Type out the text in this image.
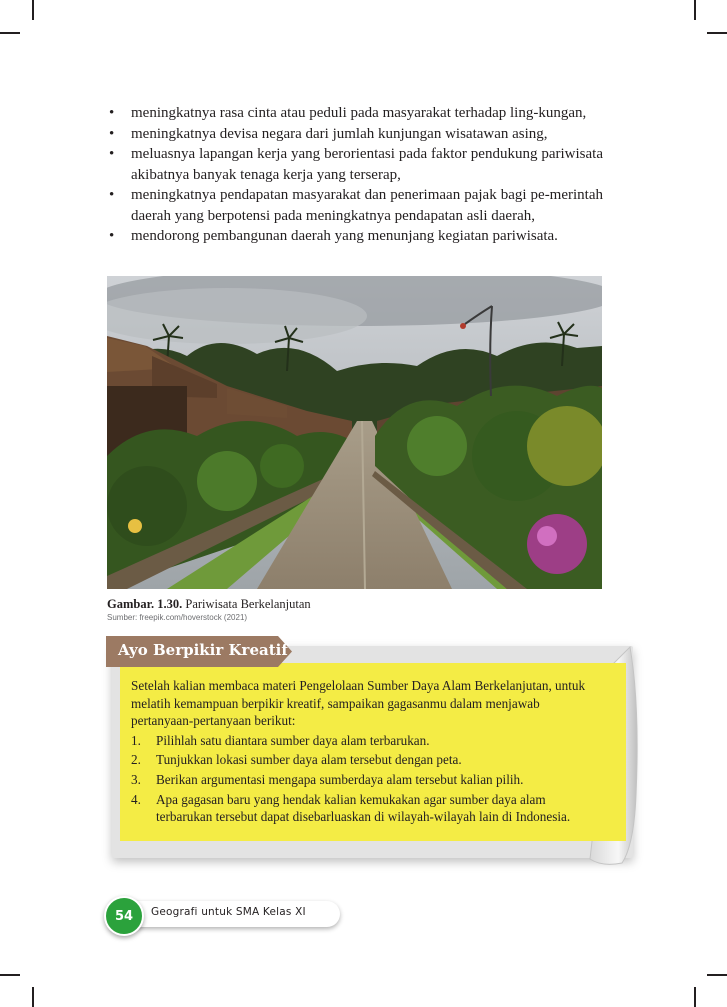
• meningkatnya rasa cinta atau peduli pada masyarakat terhadap ling-kungan,
• meningkatnya devisa negara dari jumlah kunjungan wisatawan asing,
• meluasnya lapangan kerja yang berorientasi pada faktor pendukung pariwisata akibatnya banyak tenaga kerja yang terserap,
• meningkatnya pendapatan masyarakat dan penerimaan pajak bagi pe-merintah daerah yang berpotensi pada meningkatnya pendapatan asli daerah,
• mendorong pembangunan daerah yang menunjang kegiatan pariwisata.
Gambar. 1.30. Pariwisata Berkelanjutan
Sumber: freepik.com/hoverstock (2021)

Setelah kalian membaca materi Pengelolaan Sumber Daya Alam Berkelanjutan, untuk melatih kemampuan berpikir kreatif, sampaikan gagasanmu dalam menjawab pertanyaan-pertanyaan berikut:

1. Pilihlah satu diantara sumber daya alam terbarukan.
2. Tunjukkan lokasi sumber daya alam tersebut dengan peta.
3. Berikan argumentasi mengapa sumberdaya alam tersebut kalian pilih.
4. Apa gagasan baru yang hendak kalian kemukakan agar sumber daya alam terbarukan tersebut dapat disebarluaskan di wilayah-wilayah lain di Indonesia.
Ayo Berpikir Kreatif
54	Geografi untuk SMA Kelas XI
